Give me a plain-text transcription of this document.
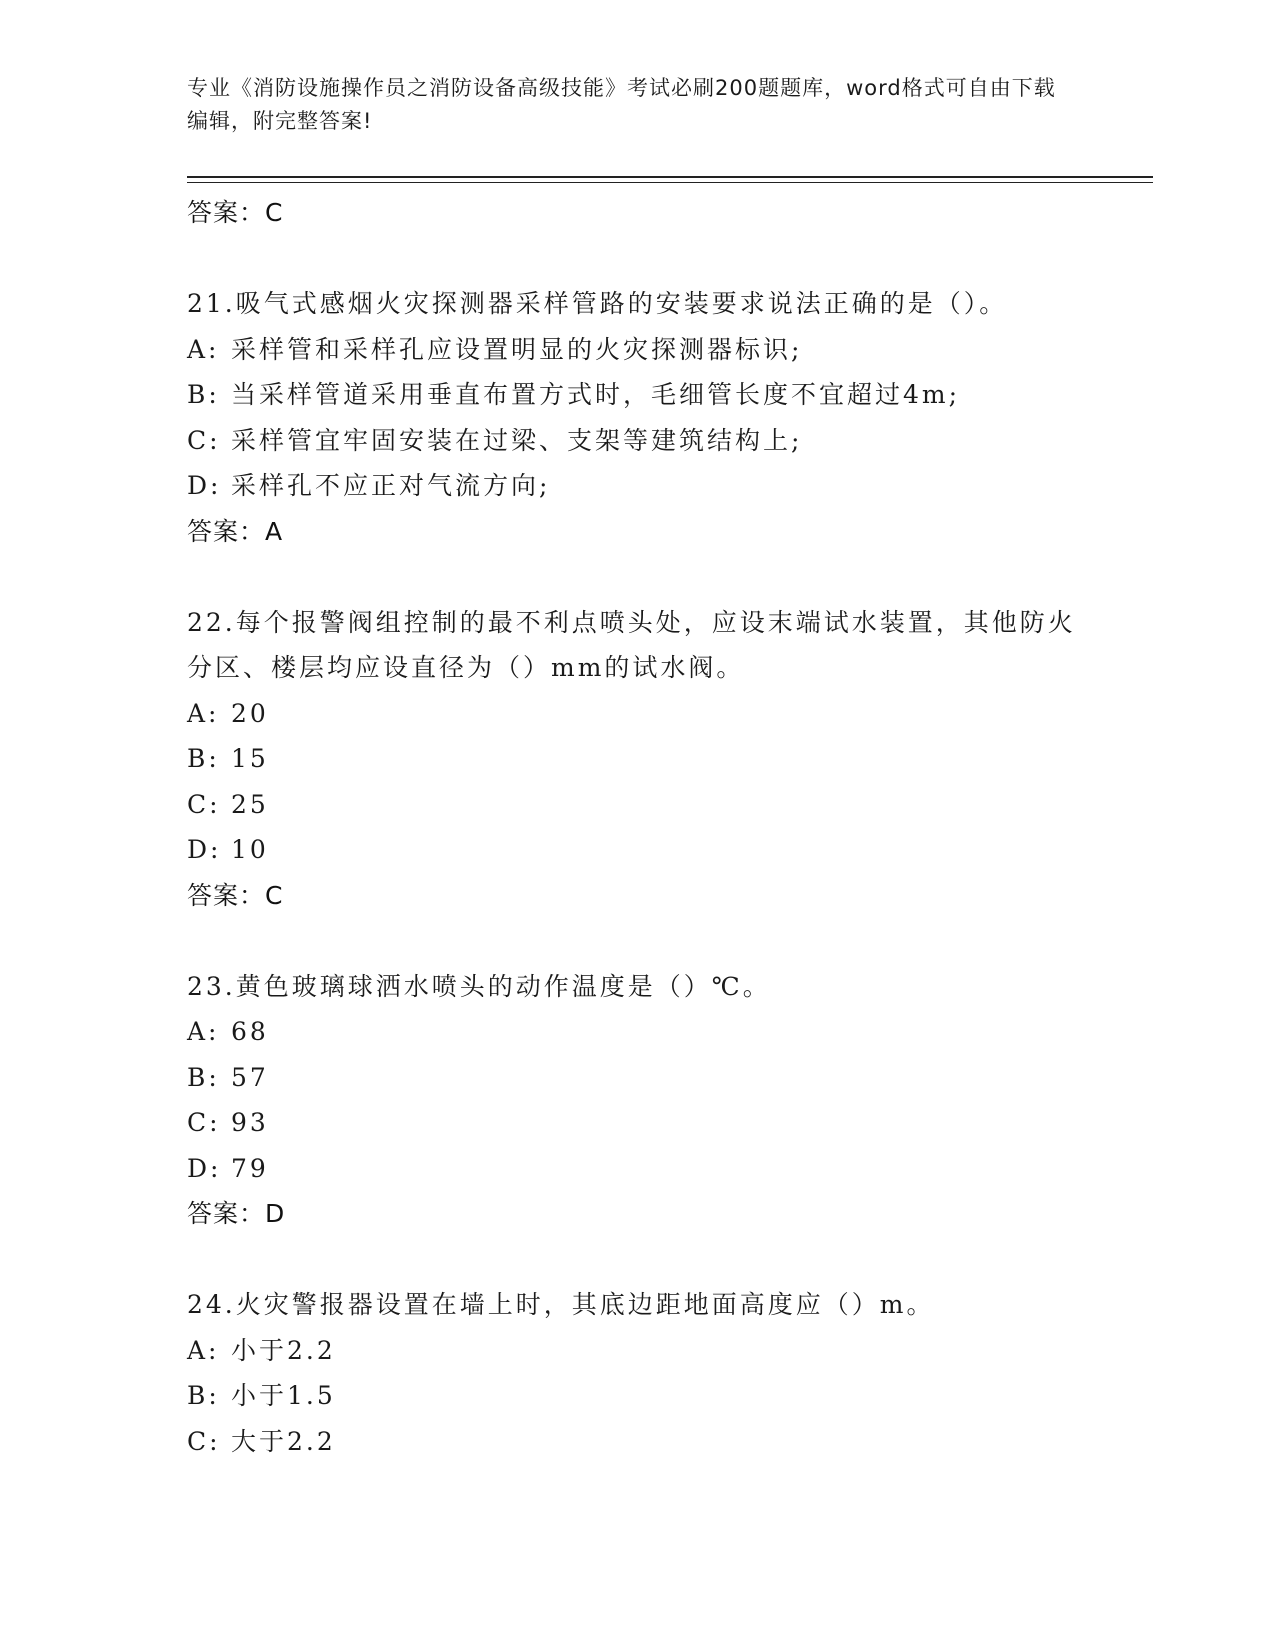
专业《消防设施操作员之消防设备高级技能》考试必刷200题题库，word格式可自由下载编辑，附完整答案!
答案：C
21.吸气式感烟火灾探测器采样管路的安装要求说法正确的是（）。
A: 采样管和采样孔应设置明显的火灾探测器标识;
B: 当采样管道采用垂直布置方式时，毛细管长度不宜超过4m;
C: 采样管宜牢固安装在过梁、支架等建筑结构上;
D: 采样孔不应正对气流方向;
答案：A
22.每个报警阀组控制的最不利点喷头处，应设末端试水装置，其他防火分区、楼层均应设直径为（）mm的试水阀。
A: 20
B: 15
C: 25
D: 10
答案：C
23.黄色玻璃球洒水喷头的动作温度是（）℃。
A: 68
B: 57
C: 93
D: 79
答案：D
24.火灾警报器设置在墙上时，其底边距地面高度应（）m。
A: 小于2.2
B: 小于1.5
C: 大于2.2
